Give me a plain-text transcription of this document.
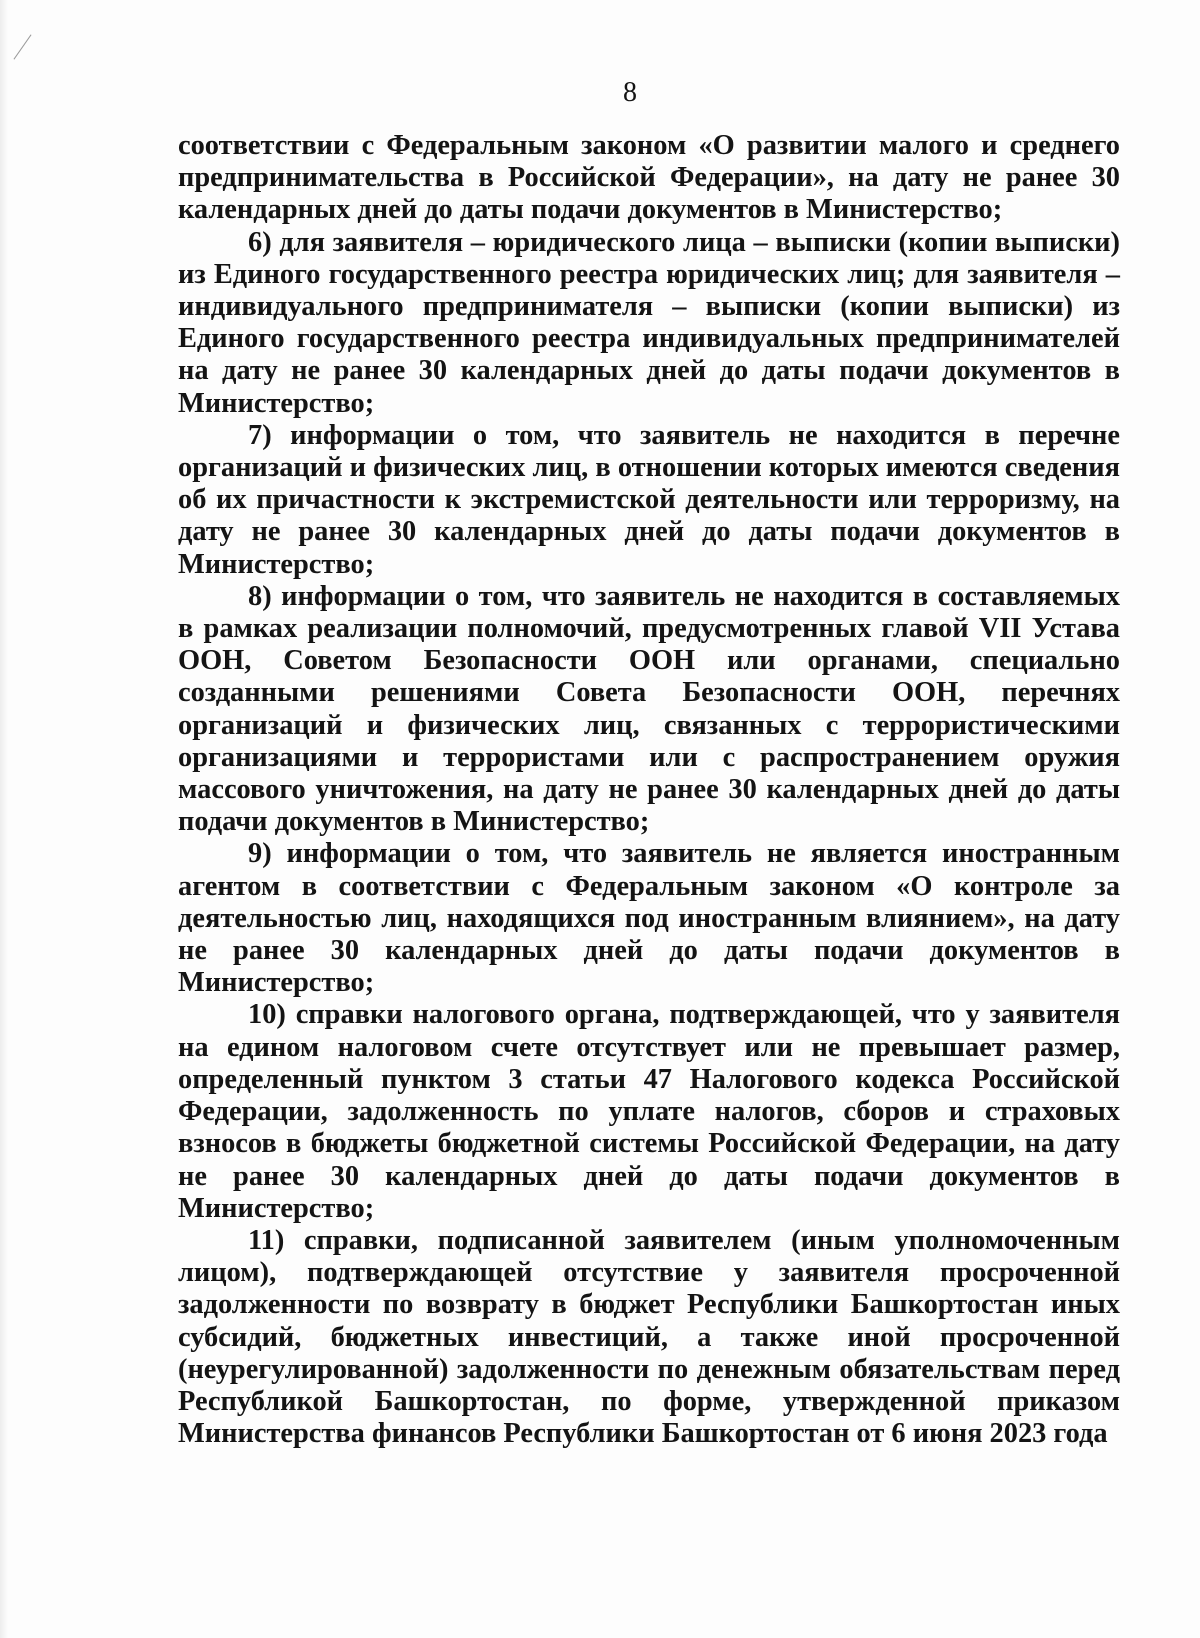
8

соответствии с Федеральным законом «О развитии малого и среднего предпринимательства в Российской Федерации», на дату не ранее 30 календарных дней до даты подачи документов в Министерство;

6) для заявителя – юридического лица – выписки (копии выписки) из Единого государственного реестра юридических лиц; для заявителя – индивидуального предпринимателя – выписки (копии выписки) из Единого государственного реестра индивидуальных предпринимателей на дату не ранее 30 календарных дней до даты подачи документов в Министерство;

7) информации о том, что заявитель не находится в перечне организаций и физических лиц, в отношении которых имеются сведения об их причастности к экстремистской деятельности или терроризму, на дату не ранее 30 календарных дней до даты подачи документов в Министерство;

8) информации о том, что заявитель не находится в составляемых в рамках реализации полномочий, предусмотренных главой VII Устава ООН, Советом Безопасности ООН или органами, специально созданными решениями Совета Безопасности ООН, перечнях организаций и физических лиц, связанных с террористическими организациями и террористами или с распространением оружия массового уничтожения, на дату не ранее 30 календарных дней до даты подачи документов в Министерство;

9) информации о том, что заявитель не является иностранным агентом в соответствии с Федеральным законом «О контроле за деятельностью лиц, находящихся под иностранным влиянием», на дату не ранее 30 календарных дней до даты подачи документов в Министерство;

10) справки налогового органа, подтверждающей, что у заявителя на едином налоговом счете отсутствует или не превышает размер, определенный пунктом 3 статьи 47 Налогового кодекса Российской Федерации, задолженность по уплате налогов, сборов и страховых взносов в бюджеты бюджетной системы Российской Федерации, на дату не ранее 30 календарных дней до даты подачи документов в Министерство;

11) справки, подписанной заявителем (иным уполномоченным лицом), подтверждающей отсутствие у заявителя просроченной задолженности по возврату в бюджет Республики Башкортостан иных субсидий, бюджетных инвестиций, а также иной просроченной (неурегулированной) задолженности по денежным обязательствам перед Республикой Башкортостан, по форме, утвержденной приказом Министерства финансов Республики Башкортостан от 6 июня 2023 года
